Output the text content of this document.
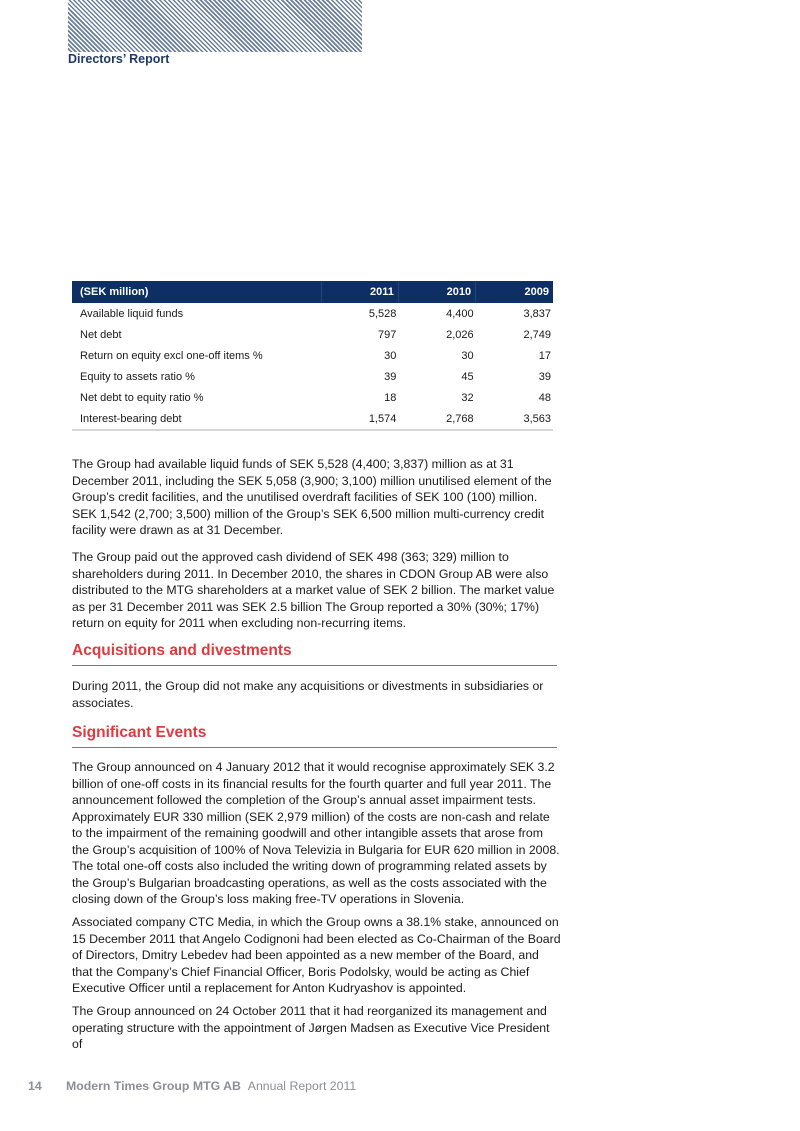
Directors’ Report
(SEK million)	2011	2010	2009
Available liquid funds	5,528	4,400	3,837
Net debt	797	2,026	2,749
Return on equity excl one-off items %	30	30	17
Equity to assets ratio %	39	45	39
Net debt to equity ratio %	18	32	48
Interest-bearing debt	1,574	2,768	3,563

The Group had available liquid funds of SEK 5,528 (4,400; 3,837) million as at 31 December 2011, including the SEK 5,058 (3,900; 3,100) million unutilised element of the Group’s credit facilities, and the unutilised overdraft facilities of SEK 100 (100) million. SEK 1,542 (2,700; 3,500) million of the Group’s SEK 6,500 million multi-currency credit facility were drawn as at 31 December.

The Group paid out the approved cash dividend of SEK 498 (363; 329) million to shareholders during 2011. In December 2010, the shares in CDON Group AB were also distributed to the MTG shareholders at a market value of SEK 2 billion. The market value as per 31 December 2011 was SEK 2.5 billion The Group reported a 30% (30%; 17%) return on equity for 2011 when excluding non-recurring items.

Acquisitions and divestments

During 2011, the Group did not make any acquisitions or divestments in subsidiaries or associates.

Significant Events

The Group announced on 4 January 2012 that it would recognise approximately SEK 3.2 billion of one-off costs in its financial results for the fourth quarter and full year 2011. The announcement followed the completion of the Group’s annual asset impairment tests. Approximately EUR 330 million (SEK 2,979 million) of the costs are non-cash and relate to the impairment of the remaining goodwill and other intangible assets that arose from the Group’s acquisition of 100% of Nova Televizia in Bulgaria for EUR 620 million in 2008. The total one-off costs also included the writing down of programming related assets by the Group’s Bulgarian broadcasting operations, as well as the costs associated with the closing down of the Group’s loss making free-TV operations in Slovenia.

Associated company CTC Media, in which the Group owns a 38.1% stake, announced on 15 December 2011 that Angelo Codignoni had been elected as Co-Chairman of the Board of Directors, Dmitry Lebedev had been appointed as a new member of the Board, and that the Company’s Chief Financial Officer, Boris Podolsky, would be acting as Chief Executive Officer until a replacement for Anton Kudryashov is appointed.

The Group announced on 24 October 2011 that it had reorganized its management and operating structure with the appointment of Jørgen Madsen as Executive Vice President of

14 Modern Times Group MTG AB Annual Report 2011
